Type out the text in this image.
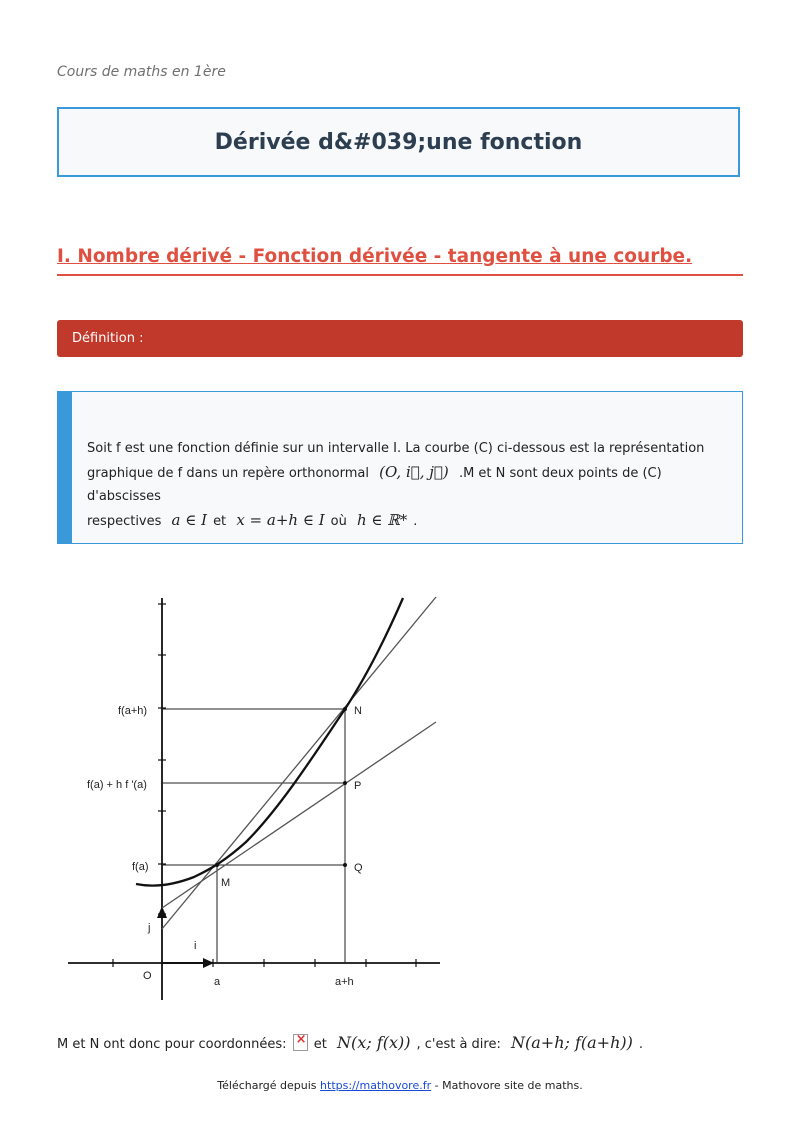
Cours de maths en 1ère
Dérivée d&#039;une fonction
I. Nombre dérivé - Fonction dérivée - tangente à une courbe.
Définition :
Soit f est une fonction définie sur un intervalle I. La courbe (C) ci-dessous est la représentation
graphique de f dans un repère orthonormal (O, i⃗, j⃗) .M et N sont deux points de (C) d'abscisses
respectives a ∈ I et x = a+h ∈ I où h ∈ ℝ* .
f(a+h)
f(a) + h f '(a)
f(a)
j
i
O	a	a+h
N
P
Q
M
M et N ont donc pour coordonnées: × et N(x; f(x)) , c'est à dire: N(a+h; f(a+h)) .
Téléchargé depuis https://mathovore.fr - Mathovore site de maths.
